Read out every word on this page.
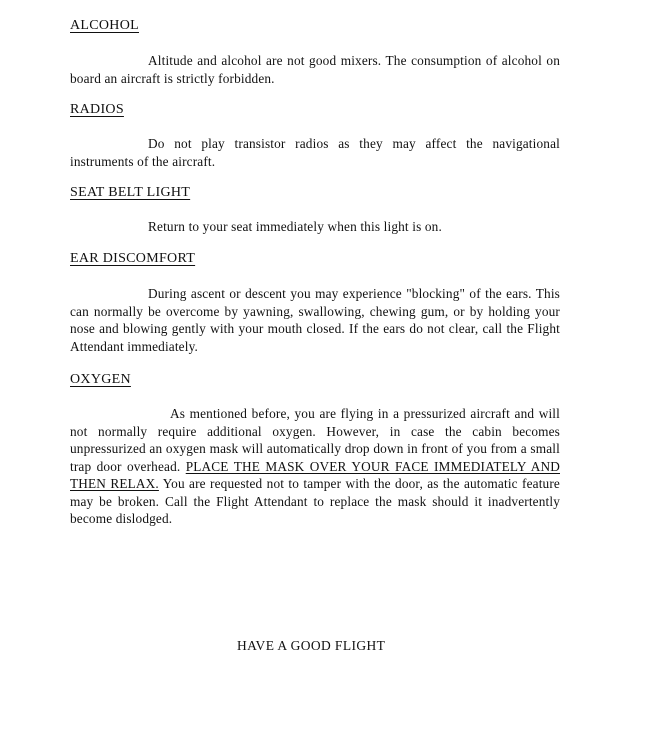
ALCOHOL

Altitude and alcohol are not good mixers. The consumption of alcohol on board an aircraft is strictly forbidden.

RADIOS

Do not play transistor radios as they may affect the navigational instruments of the aircraft.

SEAT BELT LIGHT

Return to your seat immediately when this light is on.

EAR DISCOMFORT

During ascent or descent you may experience "blocking" of the ears. This can normally be overcome by yawning, swallowing, chewing gum, or by holding your nose and blowing gently with your mouth closed. If the ears do not clear, call the Flight Attendant immediately.

OXYGEN

As mentioned before, you are flying in a pressurized aircraft and will not normally require additional oxygen. However, in case the cabin becomes unpressurized an oxygen mask will automatically drop down in front of you from a small trap door overhead. PLACE THE MASK OVER YOUR FACE IMMEDIATELY AND THEN RELAX. You are requested not to tamper with the door, as the automatic feature may be broken. Call the Flight Attendant to replace the mask should it inadvertently become dislodged.

HAVE A GOOD FLIGHT
